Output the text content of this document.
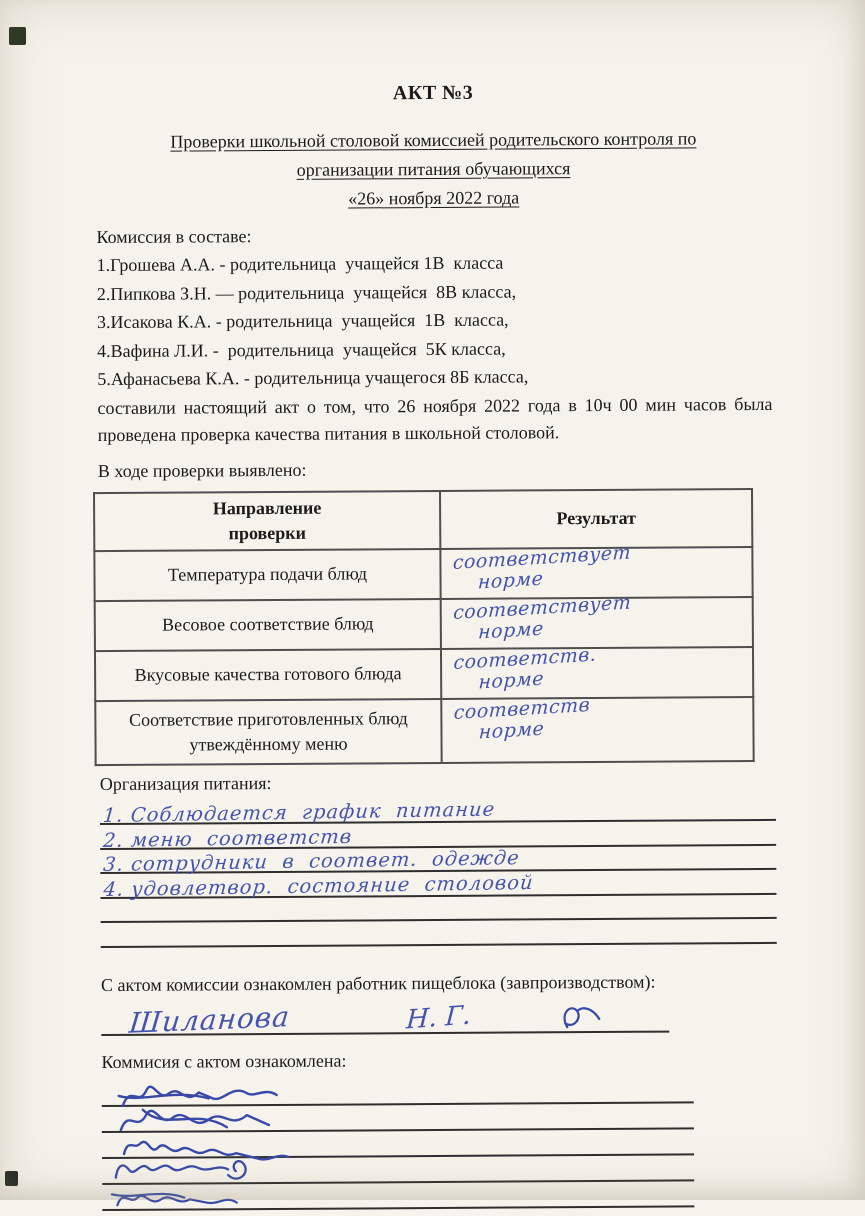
АКТ №3
Проверки школьной столовой комиссией родительского контроля по
организации питания обучающихся
«26» ноября 2022 года
Комиссия в составе:
1.Грошева А.А. - родительница  учащейся 1В  класса
2.Пипкова З.Н. — родительница  учащейся  8В класса,
3.Исакова К.А. - родительница  учащейся  1В  класса,
4.Вафина Л.И. -  родительница  учащейся  5К класса,
5.Афанасьева К.А. - родительница учащегося 8Б класса,

составили настоящий акт о том, что 26 ноября 2022 года в 10ч 00 мин часов была проведена проверка качества питания в школьной столовой.

В ходе проверки выявлено:
Направление
проверки	Результат
Температура подачи блюд	соответствует
норме
Весовое соответствие блюд	соответствует
норме
Вкусовые качества готового блюда	соответств.
норме
Соответствие приготовленных блюд
утвеждённому меню	соответств
норме
Организация питания:
1. Соблюдается  график  питание
2. меню  соответств
3. сотрудники  в  соответ.  одежде
4. удовлетвор.  состояние  столовой
С актом комиссии ознакомлен работник пищеблока (завпроизводством):
Шиланова	Н. Г.
Коммисия с актом ознакомлена:
